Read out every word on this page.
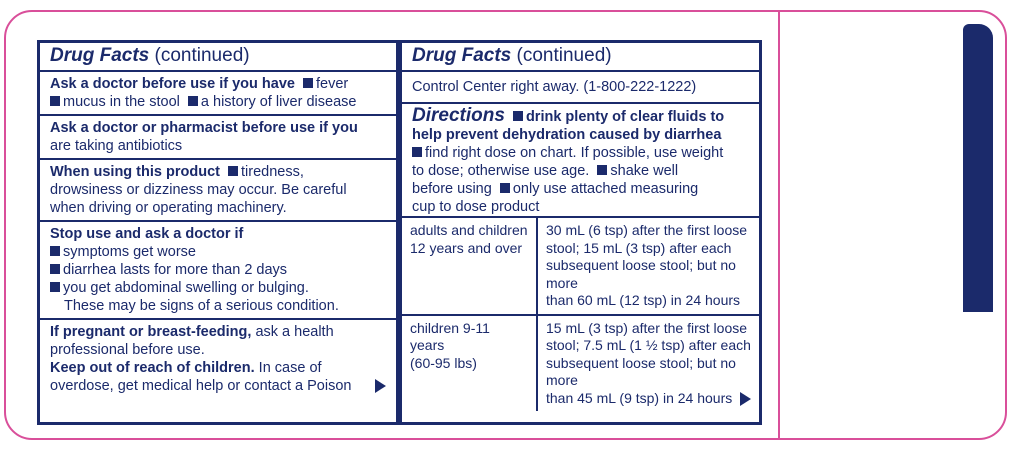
Drug Facts (continued)
Ask a doctor before use if you have fever
mucus in the stool a history of liver disease
Ask a doctor or pharmacist before use if you
are taking antibiotics
When using this product tiredness,
drowsiness or dizziness may occur. Be careful
when driving or operating machinery.
Stop use and ask a doctor if
symptoms get worse
diarrhea lasts for more than 2 days
you get abdominal swelling or bulging.
These may be signs of a serious condition.
If pregnant or breast-feeding, ask a health
professional before use.
Keep out of reach of children. In case of
overdose, get medical help or contact a Poison
Drug Facts (continued)
Control Center right away. (1-800-222-1222)
Directions drink plenty of clear fluids to
help prevent dehydration caused by diarrhea
find right dose on chart. If possible, use weight
to dose; otherwise use age. shake well
before using only use attached measuring
cup to dose product
adults and children
12 years and over	30 mL (6 tsp) after the first loose
stool; 15 mL (3 tsp) after each
subsequent loose stool; but no more
than 60 mL (12 tsp) in 24 hours
children 9-11 years
(60-95 lbs)	15 mL (3 tsp) after the first loose
stool; 7.5 mL (1 ½ tsp) after each
subsequent loose stool; but no more
than 45 mL (9 tsp) in 24 hours
